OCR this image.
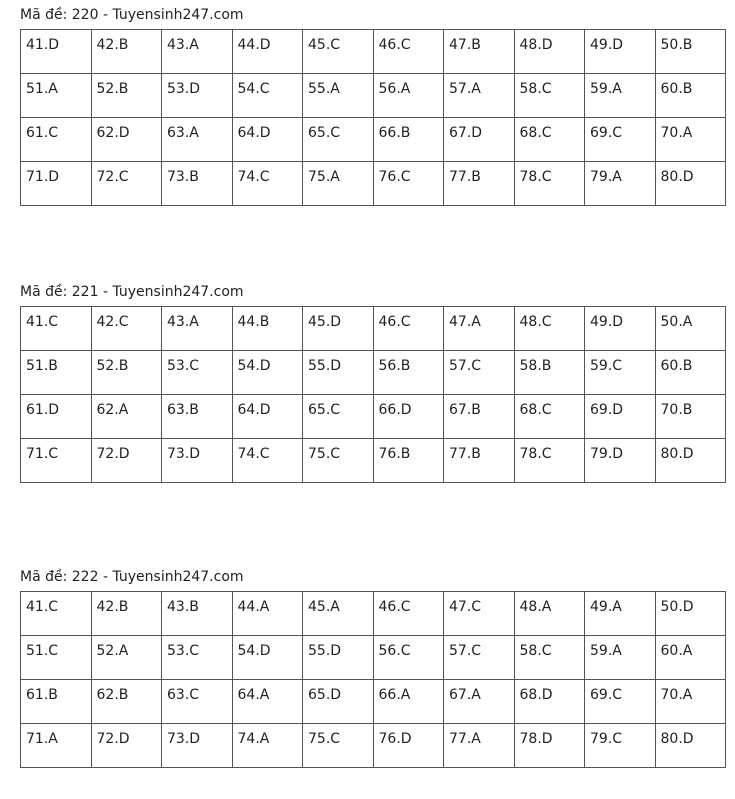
Mã đề: 220 - Tuyensinh247.com

41.D	42.B	43.A	44.D	45.C	46.C	47.B	48.D	49.D	50.B
51.A	52.B	53.D	54.C	55.A	56.A	57.A	58.C	59.A	60.B
61.C	62.D	63.A	64.D	65.C	66.B	67.D	68.C	69.C	70.A
71.D	72.C	73.B	74.C	75.A	76.C	77.B	78.C	79.A	80.D

Mã đề: 221 - Tuyensinh247.com

41.C	42.C	43.A	44.B	45.D	46.C	47.A	48.C	49.D	50.A
51.B	52.B	53.C	54.D	55.D	56.B	57.C	58.B	59.C	60.B
61.D	62.A	63.B	64.D	65.C	66.D	67.B	68.C	69.D	70.B
71.C	72.D	73.D	74.C	75.C	76.B	77.B	78.C	79.D	80.D

Mã đề: 222 - Tuyensinh247.com

41.C	42.B	43.B	44.A	45.A	46.C	47.C	48.A	49.A	50.D
51.C	52.A	53.C	54.D	55.D	56.C	57.C	58.C	59.A	60.A
61.B	62.B	63.C	64.A	65.D	66.A	67.A	68.D	69.C	70.A
71.A	72.D	73.D	74.A	75.C	76.D	77.A	78.D	79.C	80.D
